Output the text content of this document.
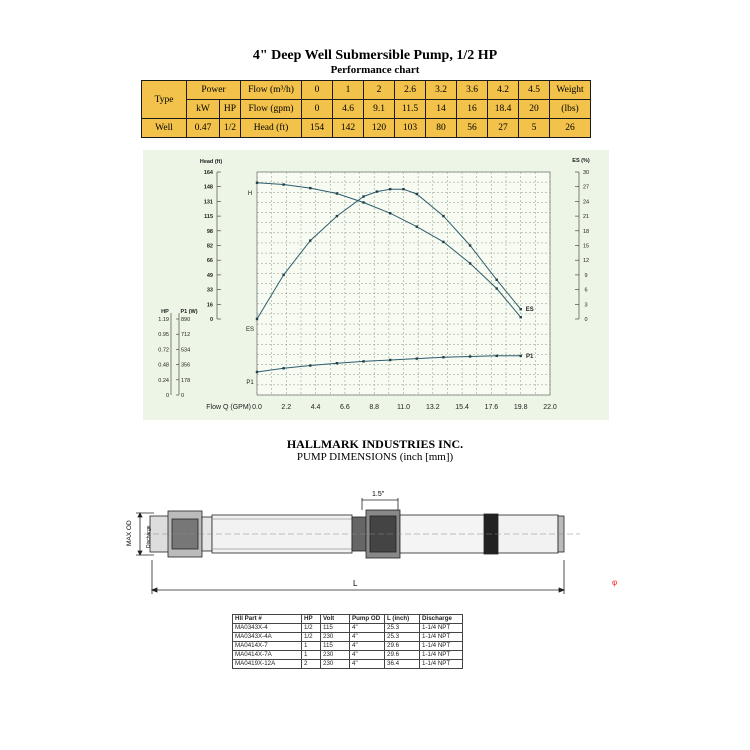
4" Deep Well Submersible Pump, 1/2 HP
Performance chart
Type	Power		Flow (m³/h)	0	1	2	2.6	3.2	3.6	4.2	4.5	Weight
	kW	HP	Flow (gpm)	0	4.6	9.1	11.5	14	16	18.4	20	(lbs)
Well	0.47	1/2	Head (ft)	154	142	120	103	80	56	27	5	26
164
148
131
115
98
82
66
49
33
16
0
Head (ft)
30
27
24
21
18
15
12
9
6
3
0
ES (%)
HP P1 (W)
1.19
0.95
0.72
0.48
0.24
0
890
712
534
356
178
0
0.0	2.2	4.4	6.6	8.8	11.0 13.2 15.4 17.6 19.8 22.0
Flow Q (GPM)
H
ES
ES
P1
P1
HALLMARK INDUSTRIES INC.
PUMP DIMENSIONS (inch [mm])
1.5"
MAX OD	Discharge
L	φ
Hll Part #	HP	Volt	Pump OD	L (inch)	Discharge
MA0343X-4	1/2	115	4"	25.3	1-1/4 NPT
MA0343X-4A	1/2	230	4"	25.3	1-1/4 NPT
MA0414X-7	1	115	4"	29.6	1-1/4 NPT
MA0414X-7A	1	230	4"	29.6	1-1/4 NPT
MA0419X-12A	2	230	4"	36.4	1-1/4 NPT
